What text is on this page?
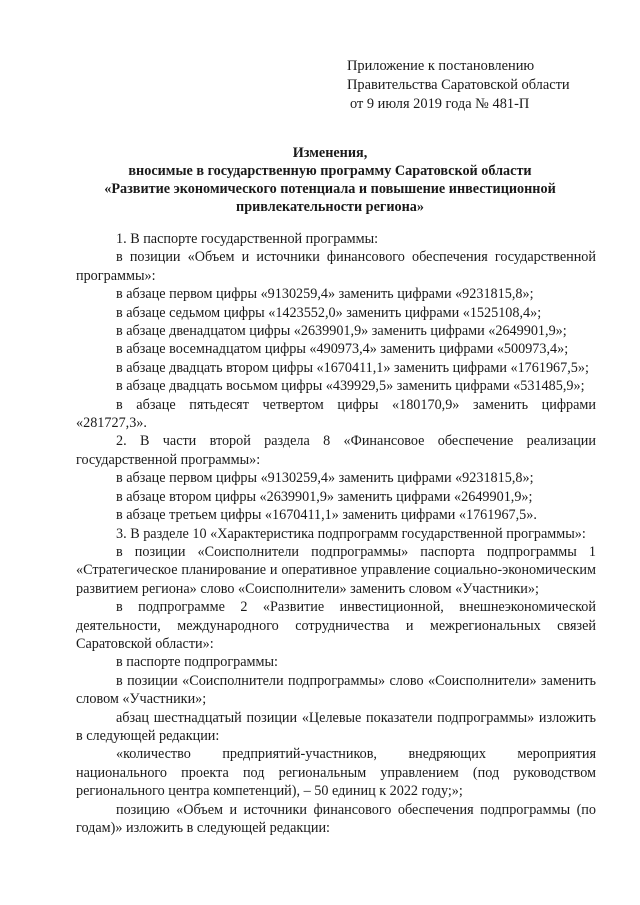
Приложение к постановлению
Правительства Саратовской области
от 9 июля 2019 года № 481-П
Изменения,
вносимые в государственную программу Саратовской области
«Развитие экономического потенциала и повышение инвестиционной
привлекательности региона»

1. В паспорте государственной программы:

в позиции «Объем и источники финансового обеспечения государственной программы»:

в абзаце первом цифры «9130259,4» заменить цифрами «9231815,8»;

в абзаце седьмом цифры «1423552,0» заменить цифрами «1525108,4»;

в абзаце двенадцатом цифры «2639901,9» заменить цифрами «2649901,9»;

в абзаце восемнадцатом цифры «490973,4» заменить цифрами «500973,4»;

в абзаце двадцать втором цифры «1670411,1» заменить цифрами «1761967,5»;

в абзаце двадцать восьмом цифры «439929,5» заменить цифрами «531485,9»;

в абзаце пятьдесят четвертом цифры «180170,9» заменить цифрами «281727,3».

2. В части второй раздела 8 «Финансовое обеспечение реализации государственной программы»:

в абзаце первом цифры «9130259,4» заменить цифрами «9231815,8»;

в абзаце втором цифры «2639901,9» заменить цифрами «2649901,9»;

в абзаце третьем цифры «1670411,1» заменить цифрами «1761967,5».

3. В разделе 10 «Характеристика подпрограмм государственной программы»:

в позиции «Соисполнители подпрограммы» паспорта подпрограммы 1 «Стратегическое планирование и оперативное управление социально-экономическим развитием региона» слово «Соисполнители» заменить словом «Участники»;

в подпрограмме 2 «Развитие инвестиционной, внешнеэкономической деятельности, международного сотрудничества и межрегиональных связей Саратовской области»:

в паспорте подпрограммы:

в позиции «Соисполнители подпрограммы» слово «Соисполнители» заменить словом «Участники»;

абзац шестнадцатый позиции «Целевые показатели подпрограммы» изложить в следующей редакции:

«количество предприятий-участников, внедряющих мероприятия национального проекта под региональным управлением (под руководством регионального центра компетенций), – 50 единиц к 2022 году;»;

позицию «Объем и источники финансового обеспечения подпрограммы (по годам)» изложить в следующей редакции:
